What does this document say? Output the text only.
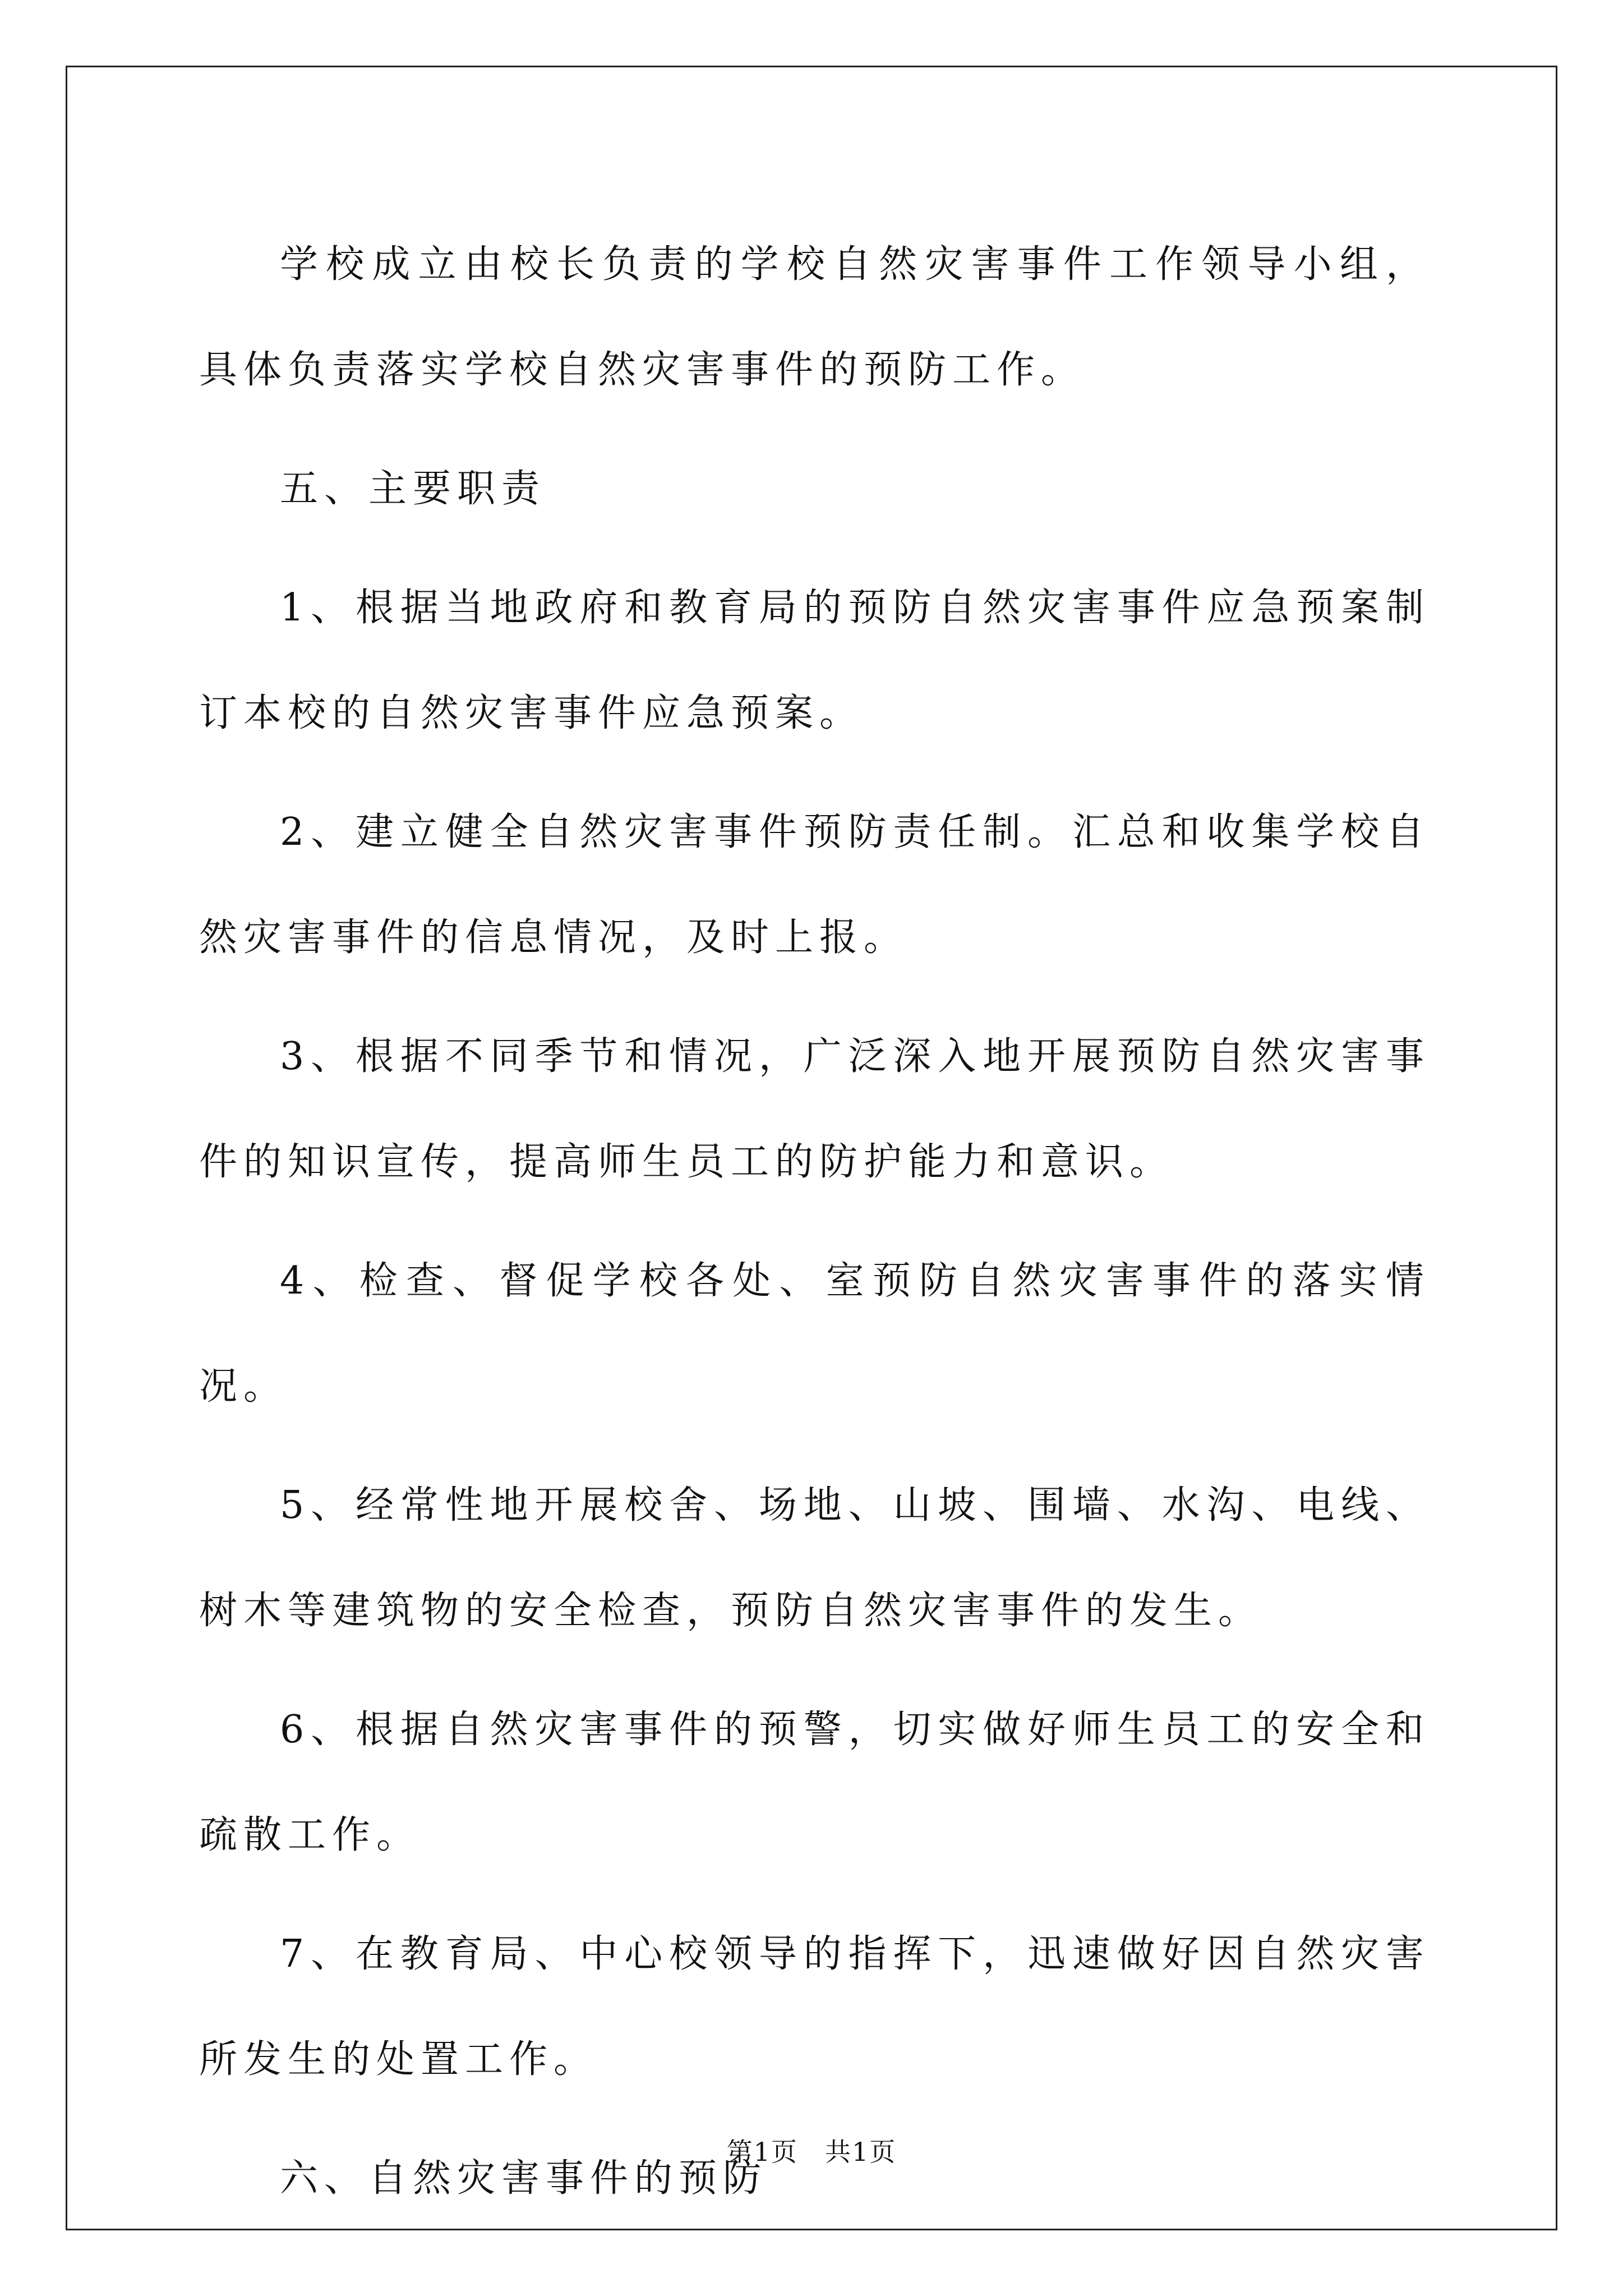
学校成立由校长负责的学校自然灾害事件工作领导小组，具体负责落实学校自然灾害事件的预防工作。

五、主要职责

1、根据当地政府和教育局的预防自然灾害事件应急预案制订本校的自然灾害事件应急预案。

2、建立健全自然灾害事件预防责任制。汇总和收集学校自然灾害事件的信息情况，及时上报。

3、根据不同季节和情况，广泛深入地开展预防自然灾害事件的知识宣传，提高师生员工的防护能力和意识。

4、检查、督促学校各处、室预防自然灾害事件的落实情况。

5、经常性地开展校舍、场地、山坡、围墙、水沟、电线、树木等建筑物的安全检查，预防自然灾害事件的发生。

6、根据自然灾害事件的预警，切实做好师生员工的安全和疏散工作。

7、在教育局、中心校领导的指挥下，迅速做好因自然灾害所发生的处置工作。

六、自然灾害事件的预防

第1页　共1页
